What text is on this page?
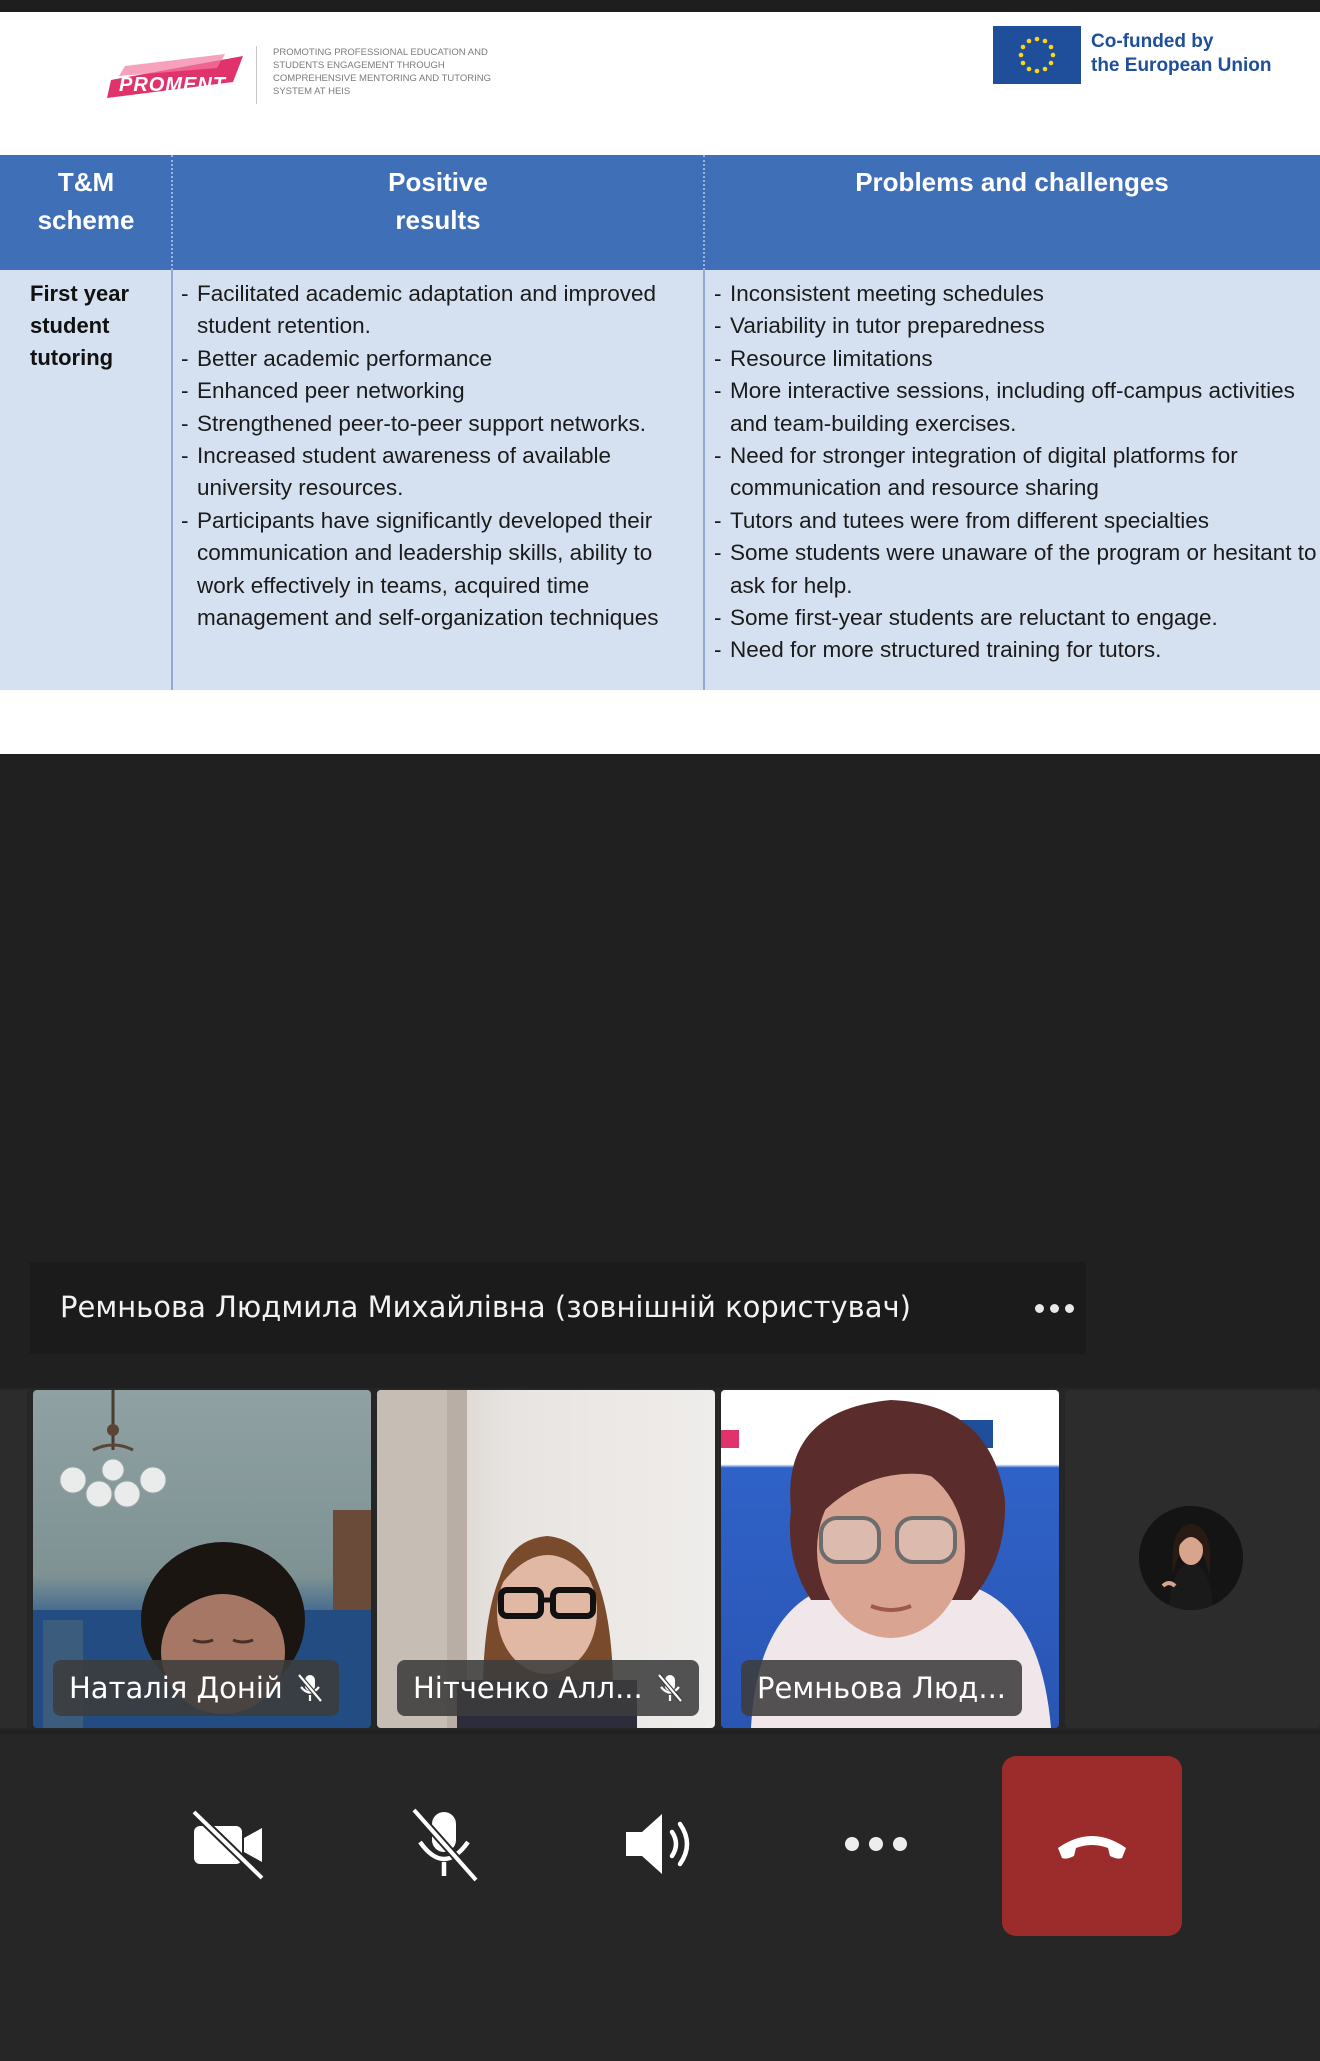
PROMENT
PROMOTING PROFESSIONAL EDUCATION AND STUDENTS ENGAGEMENT THROUGH COMPREHENSIVE MENTORING AND TUTORING SYSTEM AT HEIS
Co-funded by
the European Union
T&M
scheme
Positive
results
Problems and challenges
First year
student
tutoring
- Facilitated academic adaptation and improved student retention.
- Better academic performance
- Enhanced peer networking
- Strengthened peer-to-peer support networks.
- Increased student awareness of available university resources.
- Participants have significantly developed their communication and leadership skills, ability to work effectively in teams, acquired time management and self-organization techniques
- Inconsistent meeting schedules
- Variability in tutor preparedness
- Resource limitations
- More interactive sessions, including off-campus activities and team-building exercises.
- Need for stronger integration of digital platforms for communication and resource sharing
- Tutors and tutees were from different specialties
- Some students were unaware of the program or hesitant to ask for help.
- Some first-year students are reluctant to engage.
- Need for more structured training for tutors.
Ремньова Людмила Михайлівна (зовнішній користувач)
Наталія Доній	Нітченко Алл...	Ремньова Люд...
